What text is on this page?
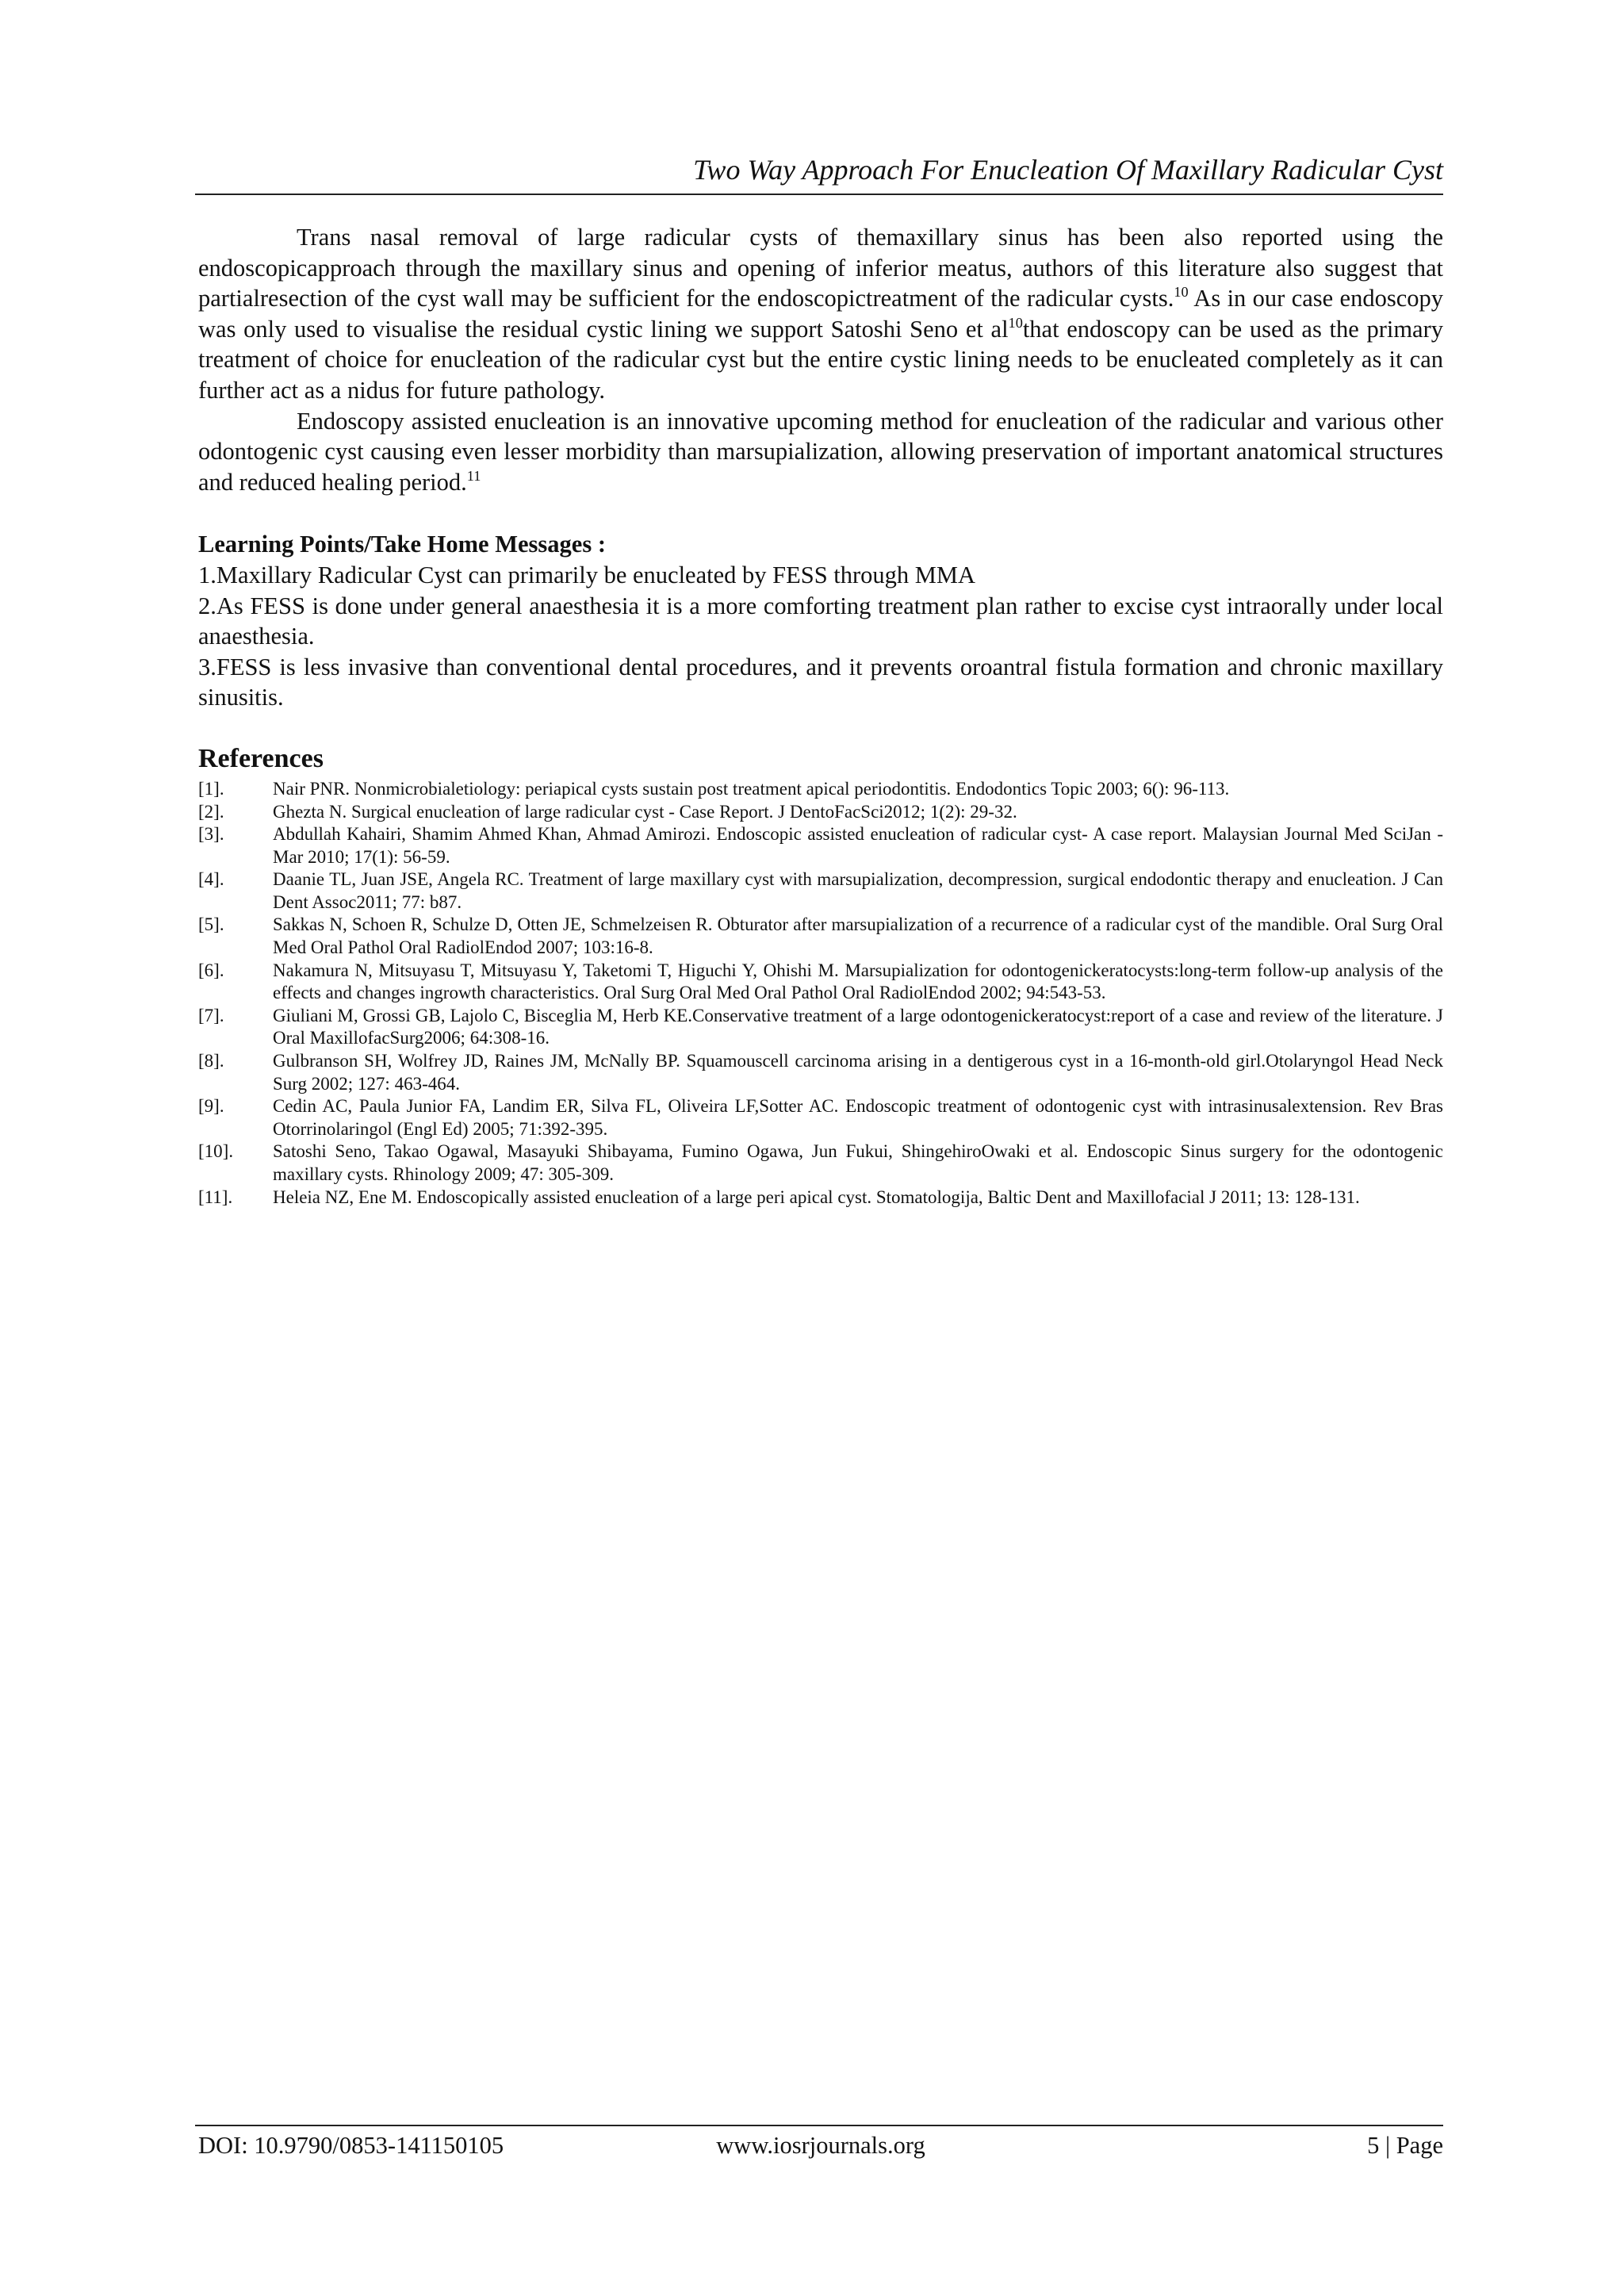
Two Way Approach For Enucleation Of Maxillary Radicular Cyst

Trans nasal removal of large radicular cysts of themaxillary sinus has been also reported using the endoscopicapproach through the maxillary sinus and opening of inferior meatus, authors of this literature also suggest that partialresection of the cyst wall may be sufficient for the endoscopictreatment of the radicular cysts.$^{10}$ As in our case endoscopy was only used to visualise the residual cystic lining we support Satoshi Seno et $al^{10}that$ endoscopy can be used as the primary treatment of choice for enucleation of the radicular cyst but the entire cystic lining needs to be enucleated completely as it can further act as a nidus for future pathology.

Endoscopy assisted enucleation is an innovative upcoming method for enucleation of the radicular and various other odontogenic cyst causing even lesser morbidity than marsupialization, allowing preservation of important anatomical structures and reduced healing period.$^{11}$

Learning Points/Take Home Messages :

1.Maxillary Radicular Cyst can primarily be enucleated by FESS through MMA

2.As FESS is done under general anaesthesia it is a more comforting treatment plan rather to excise cyst intraorally under local anaesthesia.

3.FESS is less invasive than conventional dental procedures, and it prevents oroantral fistula formation and chronic maxillary sinusitis.

References

[1].	Nair PNR. Nonmicrobialetiology: periapical cysts sustain post treatment apical periodontitis. Endodontics Topic 2003; 6(): 96-113.
[2].	Ghezta N. Surgical enucleation of large radicular cyst - Case Report. J DentoFacSci2012; 1(2): 29-32.
[3].	Abdullah Kahairi, Shamim Ahmed Khan, Ahmad Amirozi. Endoscopic assisted enucleation of radicular cyst- A case report. Malaysian Journal Med SciJan - Mar 2010; 17(1): 56-59.
[4].	Daanie TL, Juan JSE, Angela RC. Treatment of large maxillary cyst with marsupialization, decompression, surgical endodontic therapy and enucleation. J Can Dent Assoc2011; 77: b87.
[5].	Sakkas N, Schoen R, Schulze D, Otten JE, Schmelzeisen R. Obturator after marsupialization of a recurrence of a radicular cyst of the mandible. Oral Surg Oral Med Oral Pathol Oral RadiolEndod 2007; 103:16-8.
[6].	Nakamura N, Mitsuyasu T, Mitsuyasu Y, Taketomi T, Higuchi Y, Ohishi M. Marsupialization for odontogenickeratocysts:long-term follow-up analysis of the effects and changes ingrowth characteristics. Oral Surg Oral Med Oral Pathol Oral RadiolEndod 2002; 94:543-53.
[7].	Giuliani M, Grossi GB, Lajolo C, Bisceglia M, Herb KE.Conservative treatment of a large odontogenickeratocyst:report of a case and review of the literature. J Oral MaxillofacSurg2006; 64:308-16.
[8].	Gulbranson SH, Wolfrey JD, Raines JM, McNally BP. Squamouscell carcinoma arising in a dentigerous cyst in a 16-month-old girl.Otolaryngol Head Neck Surg 2002; 127: 463-464.
[9].	Cedin AC, Paula Junior FA, Landim ER, Silva FL, Oliveira LF,Sotter AC. Endoscopic treatment of odontogenic cyst with intrasinusalextension. Rev Bras Otorrinolaringol (Engl Ed) 2005; 71:392-395.
[10].	Satoshi Seno, Takao Ogawal, Masayuki Shibayama, Fumino Ogawa, Jun Fukui, ShingehiroOwaki et al. Endoscopic Sinus surgery for the odontogenic maxillary cysts. Rhinology 2009; 47: 305-309.
[11].	Heleia NZ, Ene M. Endoscopically assisted enucleation of a large peri apical cyst. Stomatologija, Baltic Dent and Maxillofacial J 2011; 13: 128-131.
DOI: 10.9790/0853-141150105	www.iosrjournals.org	5 | Page
